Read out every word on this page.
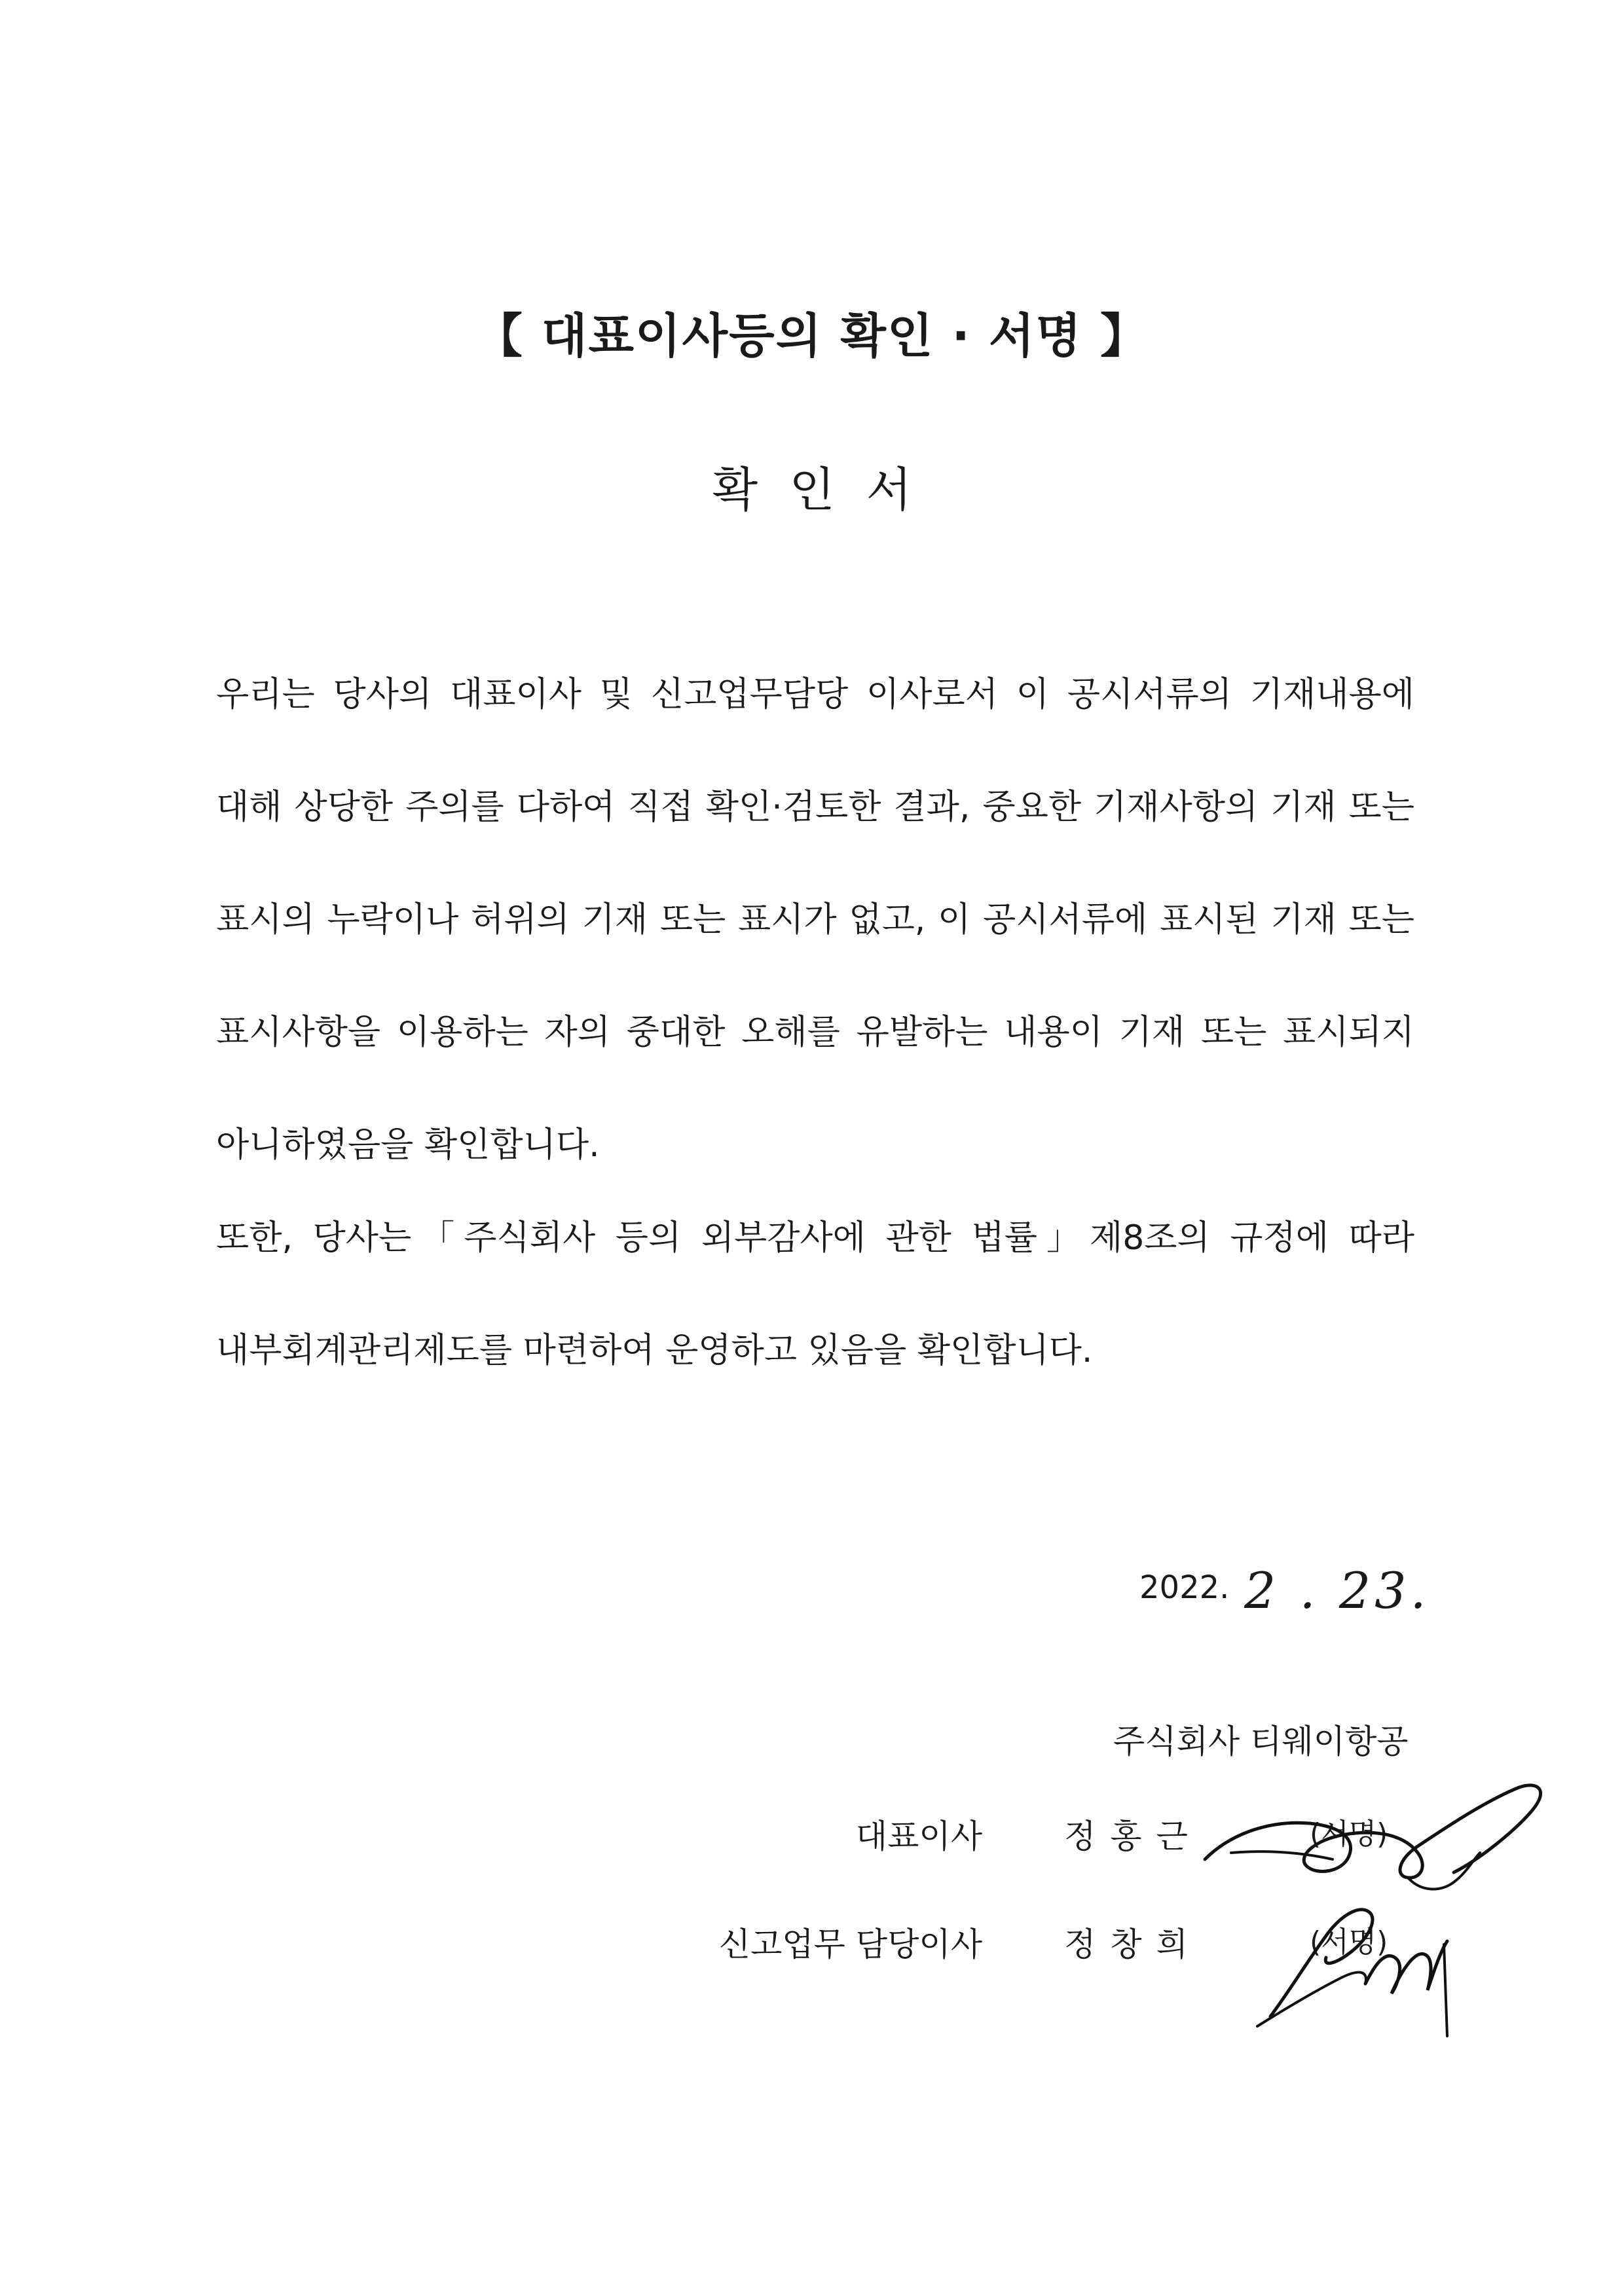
【 대표이사등의 확인 · 서명 】
확인서

우리는 당사의 대표이사 및 신고업무담당 이사로서 이 공시서류의 기재내용에 대해 상당한 주의를 다하여 직접 확인·검토한 결과, 중요한 기재사항의 기재 또는 표시의 누락이나 허위의 기재 또는 표시가 없고, 이 공시서류에 표시된 기재 또는 표시사항을 이용하는 자의 중대한 오해를 유발하는 내용이 기재 또는 표시되지 아니하였음을 확인합니다.

또한, 당사는「주식회사 등의 외부감사에 관한 법률」제8조의 규정에 따라 내부회계관리제도를 마련하여 운영하고 있음을 확인합니다.

2022. 2 . 23.
주식회사 티웨이항공
대표이사	정홍근	(서명)
신고업무 담당이사	정창희	(서명)
